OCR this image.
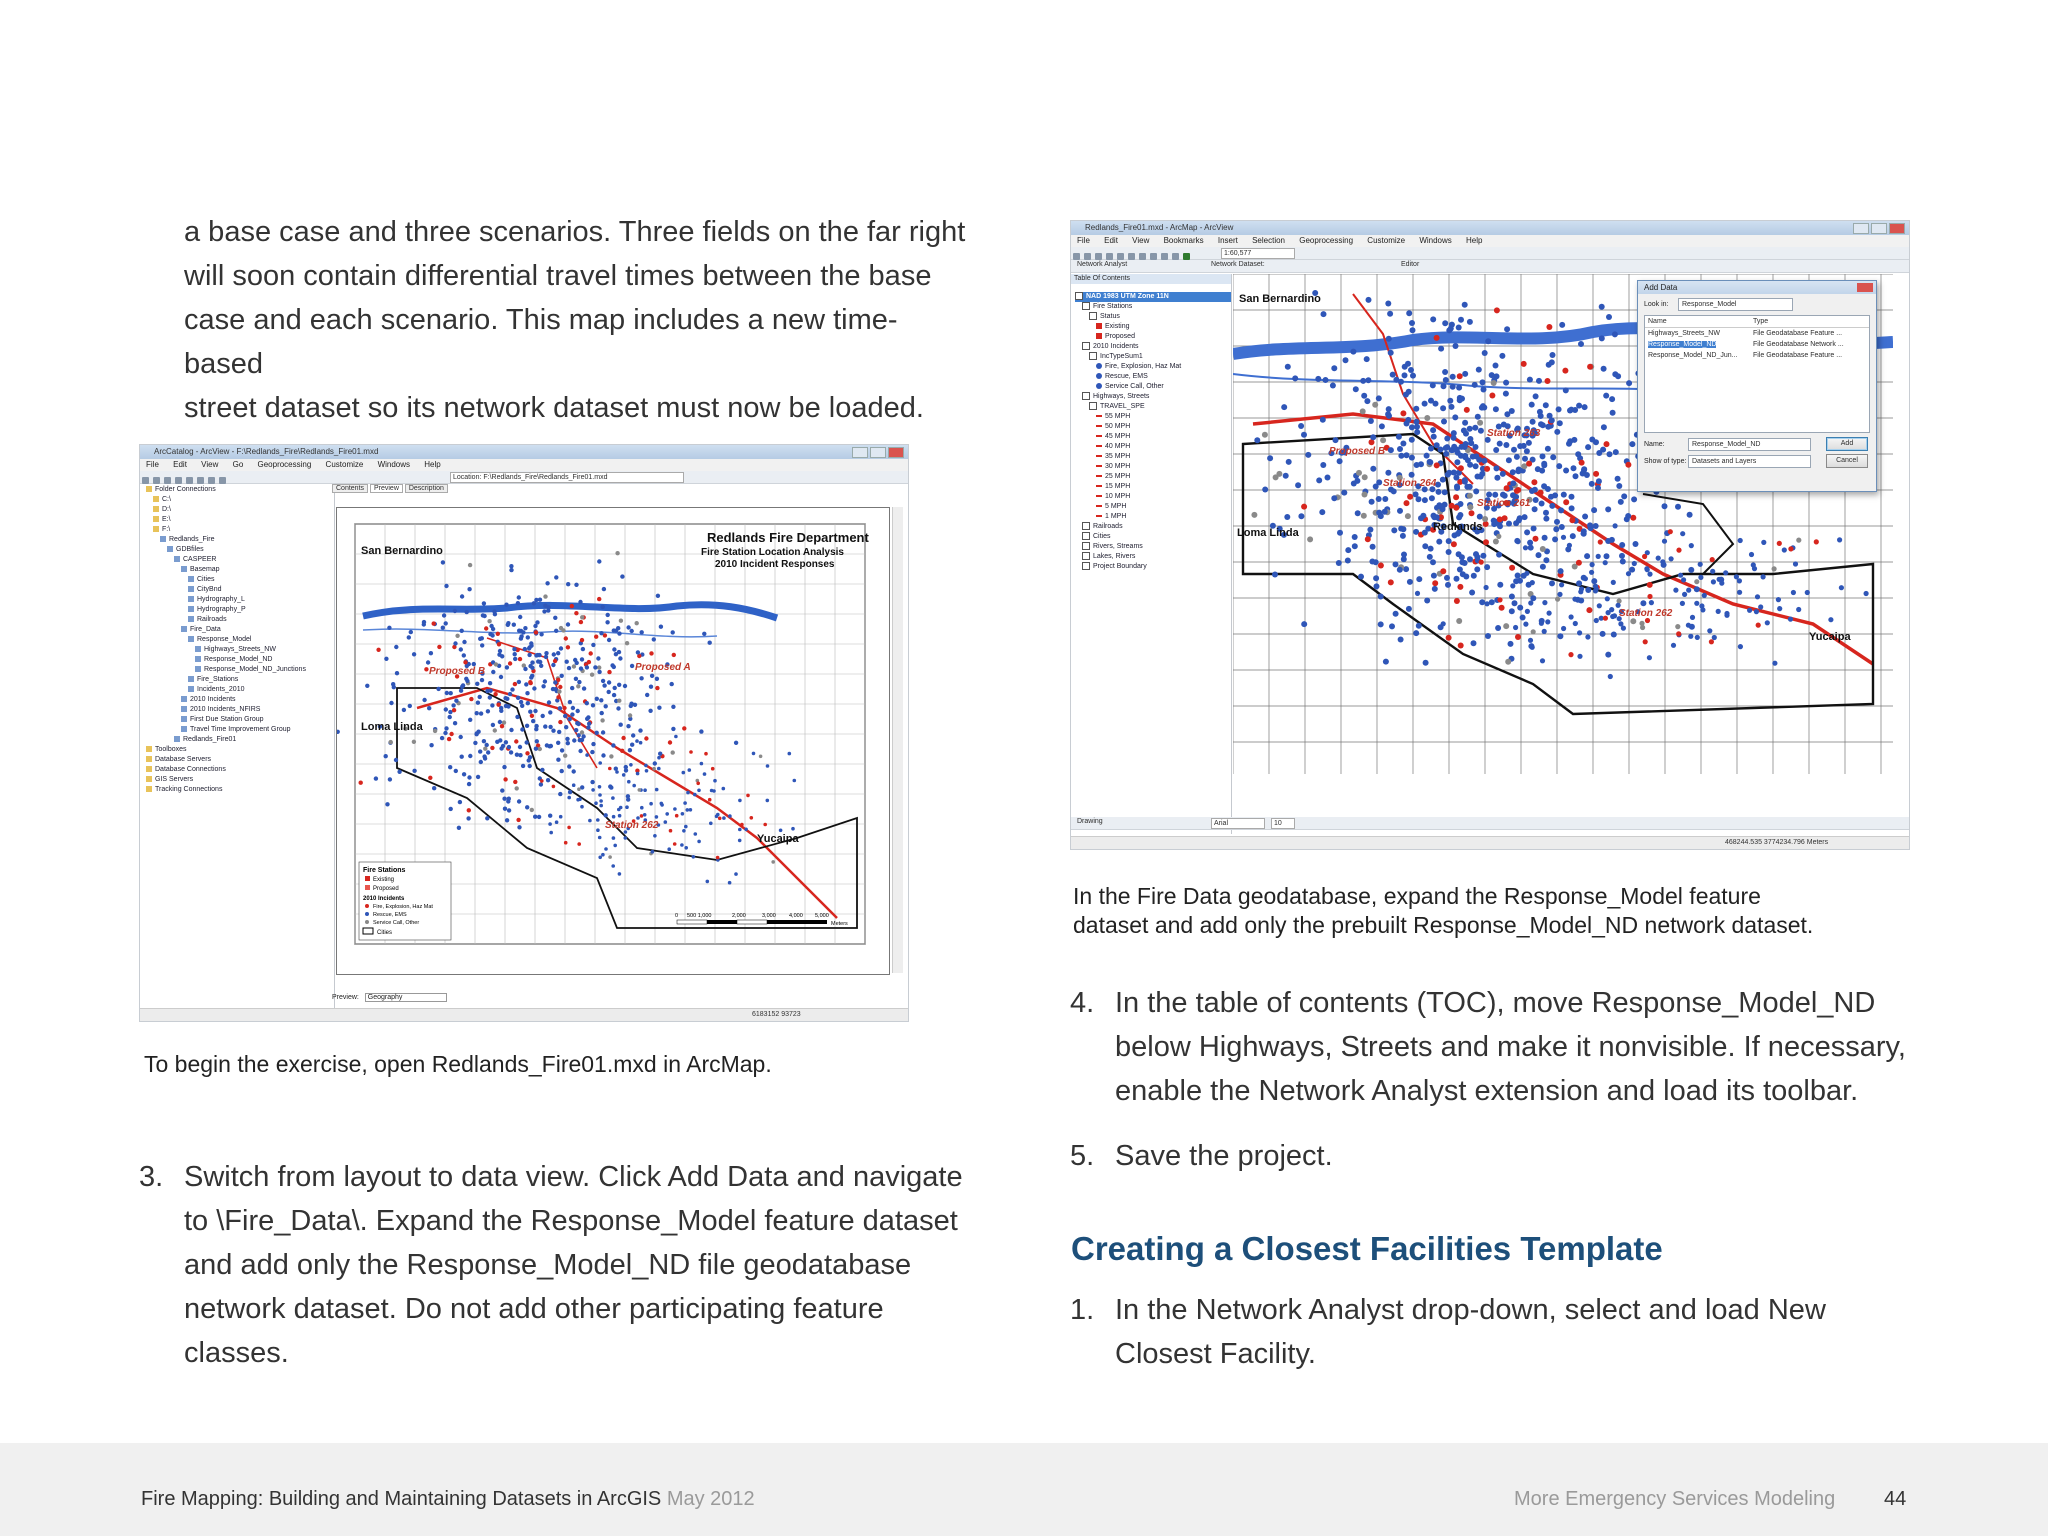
a base case and three scenarios. Three fields on the far right
will soon contain differential travel times between the base
case and each scenario. This map includes a new time-based
street dataset so its network dataset must now be loaded.
ArcCatalog - ArcView - F:\Redlands_Fire\Redlands_Fire01.mxd
File Edit View Go Geoprocessing Customize Windows Help
Location: F:\Redlands_Fire\Redlands_Fire01.mxd
Folder Connections
C:\
D:\
E:\
F:\
Redlands_Fire
GDBfiles
CASPEER
Basemap
Cities
CityBnd
Hydrography_L
Hydrography_P
Railroads
Fire_Data
Response_Model
Highways_Streets_NW
Response_Model_ND
Response_Model_ND_Junctions
Fire_Stations
Incidents_2010
2010 Incidents
2010 Incidents_NFIRS
First Due Station Group
Travel Time Improvement Group
Redlands_Fire01
Toolboxes
Database Servers
Database Connections
GIS Servers
Tracking Connections
Contents Preview Description
San Bernardino
Loma Linda
Yucaipa
Proposed B	Proposed A
Station 262
Redlands Fire Department
Fire Station Location Analysis
2010 Incident Responses
Fire Stations
Existing
Proposed
2010 Incidents
Fire, Explosion, Haz Mat
Rescue, EMS
Service Call, Other
Cities
0 500 1,000	2,000	3,000 4,000 5,000
Meters
Preview: Geography
6183152 93723
To begin the exercise, open Redlands_Fire01.mxd in ArcMap.
3. Switch from layout to data view. Click Add Data and navigate
to \Fire_Data\. Expand the Response_Model feature dataset
and add only the Response_Model_ND file geodatabase
network dataset. Do not add other participating feature
classes.
Redlands_Fire01.mxd - ArcMap - ArcView
File Edit View Bookmarks Insert Selection Geoprocessing Customize Windows Help
1:60,577
Network Analyst	Network Dataset:	Editor
Table Of Contents
NAD 1983 UTM Zone 11N
Fire Stations
Status
Existing
Proposed
2010 Incidents
IncTypeSum1
Fire, Explosion, Haz Mat
Rescue, EMS
Service Call, Other
Highways, Streets
TRAVEL_SPE
55 MPH
50 MPH
45 MPH
40 MPH
35 MPH
30 MPH
25 MPH
15 MPH
10 MPH
5 MPH
1 MPH
Railroads
Cities
Rivers, Streams
Lakes, Rivers
Project Boundary
San Bernardino
Loma Linda
Yucaipa
Proposed B
Station 263
Station 264
Station 261
Redlands
Station 262
Add Data
Look in:	Response_Model
Name	Type
Highways_Streets_NW	File Geodatabase Feature ...
Response_Model_ND	File Geodatabase Network ...
Response_Model_ND_Jun... File Geodatabase Feature ...
Name:	Response_Model_ND
Show of type: Datasets and Layers
Add
Cancel
Drawing	Arial	10
468244.535 3774234.796 Meters
In the Fire Data geodatabase, expand the Response_Model feature
dataset and add only the prebuilt Response_Model_ND network dataset.
4. In the table of contents (TOC), move Response_Model_ND
below Highways, Streets and make it nonvisible. If necessary,
enable the Network Analyst extension and load its toolbar.
5. Save the project.
Creating a Closest Facilities Template
1. In the Network Analyst drop-down, select and load New
Closest Facility.
Fire Mapping: Building and Maintaining Datasets in ArcGIS May 2012	More Emergency Services Modeling 44
